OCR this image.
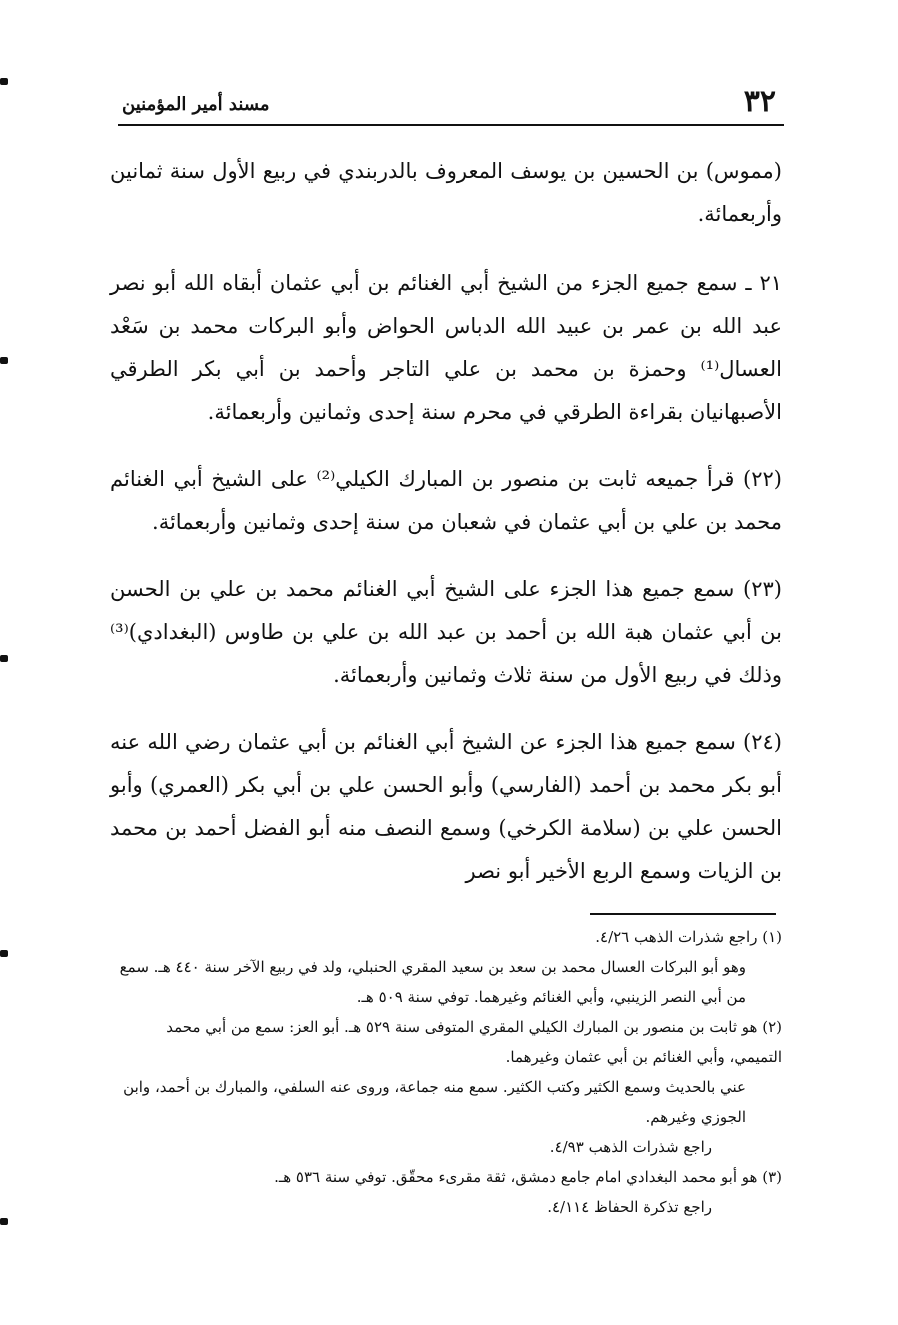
٣٢
مسند أمير المؤمنين

(مموس) بن الحسين بن يوسف المعروف بالدربندي في ربيع الأول سنة ثمانين وأربعمائة.

٢١ ـ سمع جميع الجزء من الشيخ أبي الغنائم بن أبي عثمان أبقاه الله أبو نصر عبد الله بن عمر بن عبيد الله الدباس الحواض وأبو البركات محمد بن سَعْد العسال⁽¹⁾ وحمزة بن محمد بن علي التاجر وأحمد بن أبي بكر الطرقي الأصبهانيان بقراءة الطرقي في محرم سنة إحدى وثمانين وأربعمائة.

(٢٢) قرأ جميعه ثابت بن منصور بن المبارك الكيلي⁽²⁾ على الشيخ أبي الغنائم محمد بن علي بن أبي عثمان في شعبان من سنة إحدى وثمانين وأربعمائة.

(٢٣) سمع جميع هذا الجزء على الشيخ أبي الغنائم محمد بن علي بن الحسن بن أبي عثمان هبة الله بن أحمد بن عبد الله بن علي بن طاوس (البغدادي)⁽³⁾ وذلك في ربيع الأول من سنة ثلاث وثمانين وأربعمائة.

(٢٤) سمع جميع هذا الجزء عن الشيخ أبي الغنائم بن أبي عثمان رضي الله عنه أبو بكر محمد بن أحمد (الفارسي) وأبو الحسن علي بن أبي بكر (العمري) وأبو الحسن علي بن (سلامة الكرخي) وسمع النصف منه أبو الفضل أحمد بن محمد بن الزيات وسمع الربع الأخير أبو نصر

(١) راجع شذرات الذهب ٤/٢٦.

وهو أبو البركات العسال محمد بن سعد بن سعيد المقري الحنبلي، ولد في ربيع الآخر سنة ٤٤٠ هـ. سمع من أبي النصر الزينبي، وأبي الغنائم وغيرهما. توفي سنة ٥٠٩ هـ.

(٢) هو ثابت بن منصور بن المبارك الكيلي المقري المتوفى سنة ٥٢٩ هـ. أبو العز: سمع من أبي محمد التميمي، وأبي الغنائم بن أبي عثمان وغيرهما.

عني بالحديث وسمع الكثير وكتب الكثير. سمع منه جماعة، وروى عنه السلفي، والمبارك بن أحمد، وابن الجوزي وغيرهم.

راجع شذرات الذهب ٤/٩٣.

(٣) هو أبو محمد البغدادي امام جامع دمشق، ثقة مقرىء محقّق. توفي سنة ٥٣٦ هـ.

راجع تذكرة الحفاظ ٤/١١٤.
